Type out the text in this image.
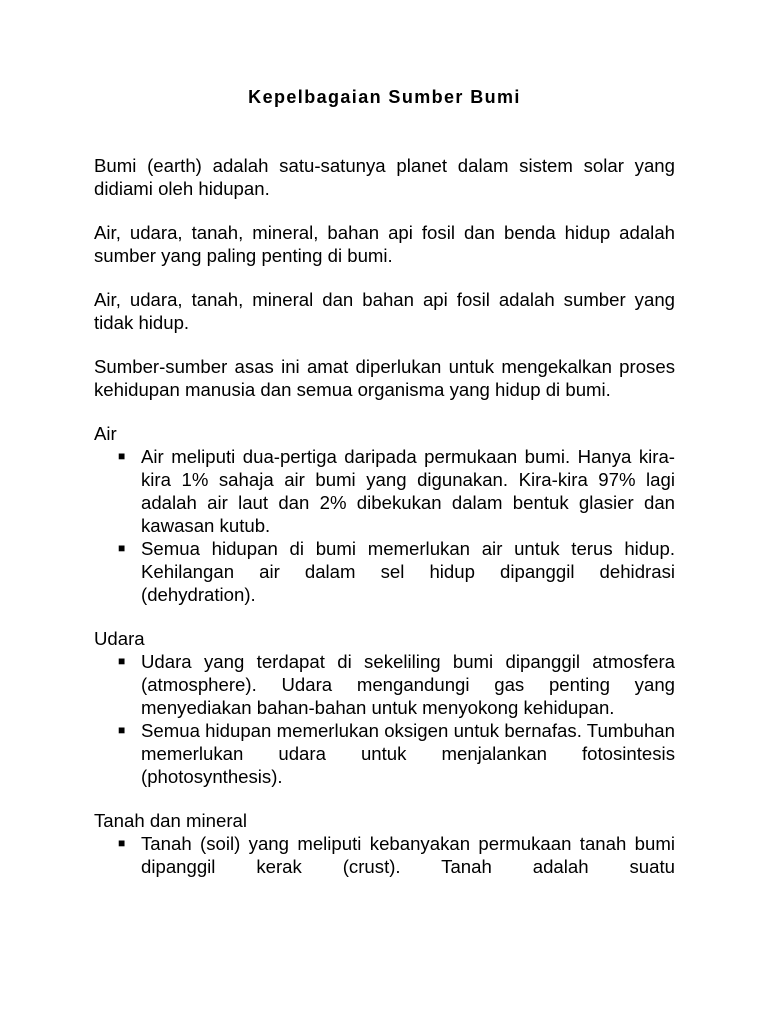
Kepelbagaian Sumber Bumi

Bumi (earth) adalah satu-satunya planet dalam sistem solar yang didiami oleh hidupan.

Air, udara, tanah, mineral, bahan api fosil dan benda hidup adalah sumber yang paling penting di bumi.

Air, udara, tanah, mineral dan bahan api fosil adalah sumber yang tidak hidup.

Sumber-sumber asas ini amat diperlukan untuk mengekalkan proses kehidupan manusia dan semua organisma yang hidup di bumi.

Air
■ Air meliputi dua-pertiga daripada permukaan bumi. Hanya kira-kira 1% sahaja air bumi yang digunakan. Kira-kira 97% lagi adalah air laut dan 2% dibekukan dalam bentuk glasier dan kawasan kutub.
■ Semua hidupan di bumi memerlukan air untuk terus hidup. Kehilangan air dalam sel hidup dipanggil dehidrasi (dehydration).
Udara
■ Udara yang terdapat di sekeliling bumi dipanggil atmosfera (atmosphere). Udara mengandungi gas penting yang menyediakan bahan-bahan untuk menyokong kehidupan.
■ Semua hidupan memerlukan oksigen untuk bernafas. Tumbuhan memerlukan udara untuk menjalankan fotosintesis (photosynthesis).
Tanah dan mineral
■ Tanah (soil) yang meliputi kebanyakan permukaan tanah bumi dipanggil kerak (crust). Tanah adalah suatu
